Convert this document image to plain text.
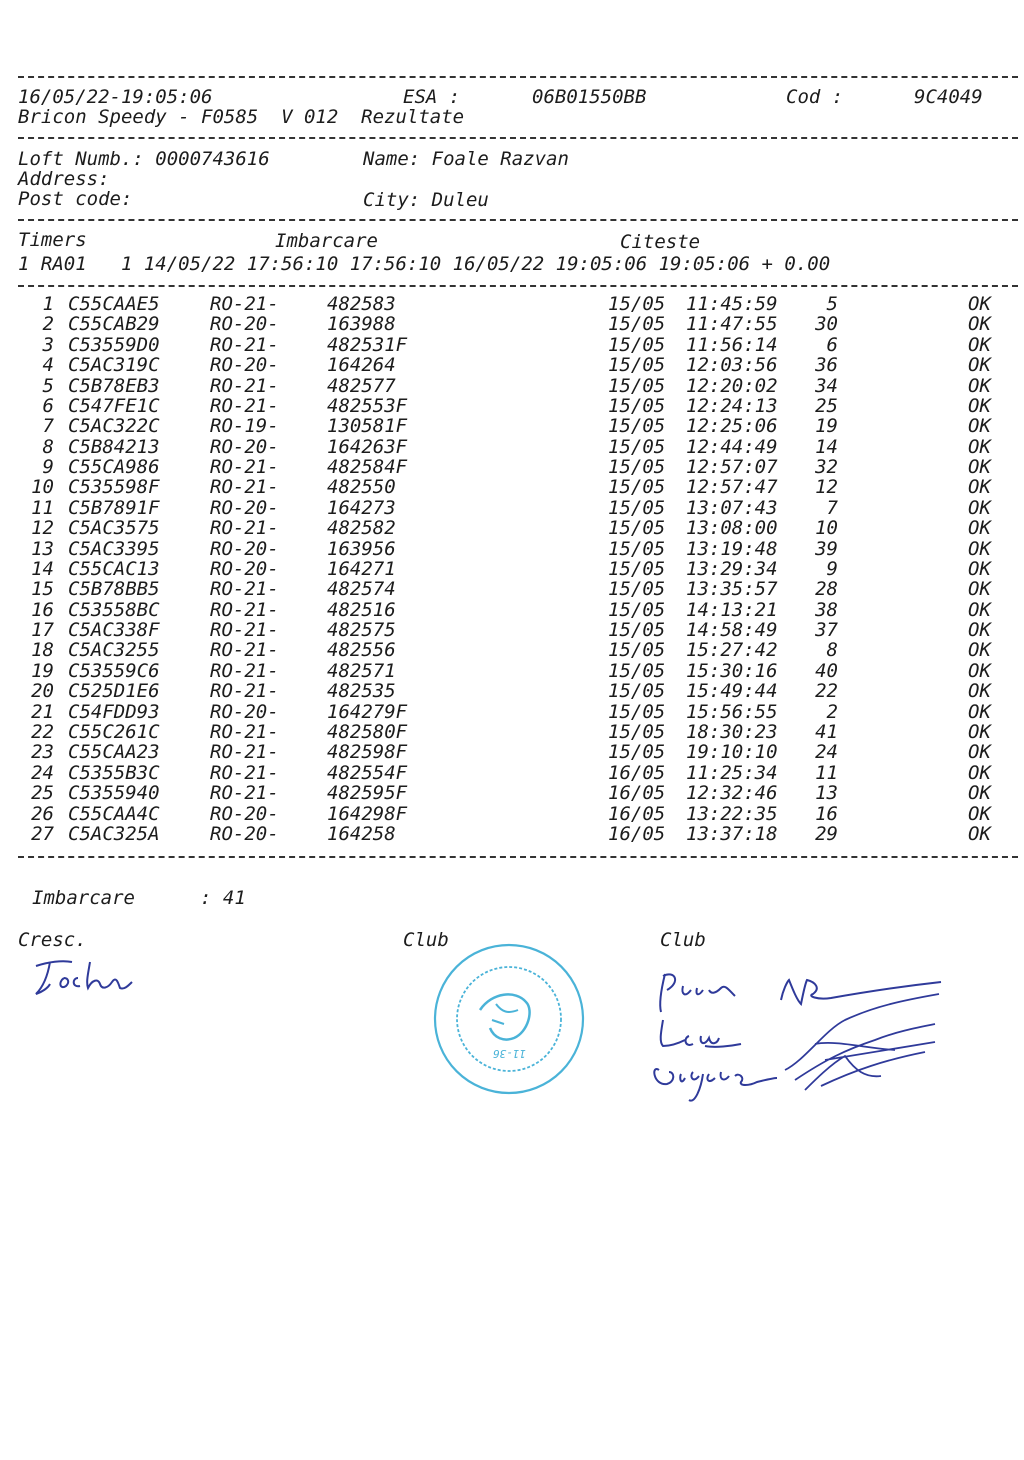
16/05/22-19:05:06	ESA :	06B01550BB	Cod :	9C4049
Bricon Speedy - F0585  V 012  Rezultate
Loft Numb.: 0000743616	Name: Foale Razvan
Address:
Post code:	City: Duleu
Timers	Imbarcare	Citeste
1 RA01   1 14/05/22 17:56:10 17:56:10 16/05/22 19:05:06 19:05:06 + 0.00
1 C55CAAE5	RO-21-	482583	15/05 11:45:59	5	OK
2 C55CAB29	RO-20-	163988	15/05 11:47:55	30	OK
3 C53559D0	RO-21-	482531F	15/05 11:56:14	6	OK
4 C5AC319C	RO-20-	164264	15/05 12:03:56	36	OK
5 C5B78EB3	RO-21-	482577	15/05 12:20:02	34	OK
6 C547FE1C	RO-21-	482553F	15/05 12:24:13	25	OK
7 C5AC322C	RO-19-	130581F	15/05 12:25:06	19	OK
8 C5B84213	RO-20-	164263F	15/05 12:44:49	14	OK
9 C55CA986	RO-21-	482584F	15/05 12:57:07	32	OK
10 C535598F	RO-21-	482550	15/05 12:57:47	12	OK
11 C5B7891F	RO-20-	164273	15/05 13:07:43	7	OK
12 C5AC3575	RO-21-	482582	15/05 13:08:00	10	OK
13 C5AC3395	RO-20-	163956	15/05 13:19:48	39	OK
14 C55CAC13	RO-20-	164271	15/05 13:29:34	9	OK
15 C5B78BB5	RO-21-	482574	15/05 13:35:57	28	OK
16 C53558BC	RO-21-	482516	15/05 14:13:21	38	OK
17 C5AC338F	RO-21-	482575	15/05 14:58:49	37	OK
18 C5AC3255	RO-21-	482556	15/05 15:27:42	8	OK
19 C53559C6	RO-21-	482571	15/05 15:30:16	40	OK
20 C525D1E6	RO-21-	482535	15/05 15:49:44	22	OK
21 C54FDD93	RO-20-	164279F	15/05 15:56:55	2	OK
22 C55C261C	RO-21-	482580F	15/05 18:30:23	41	OK
23 C55CAA23	RO-21-	482598F	15/05 19:10:10	24	OK
24 C5355B3C	RO-21-	482554F	16/05 11:25:34	11	OK
25 C5355940	RO-21-	482595F	16/05 12:32:46	13	OK
26 C55CAA4C	RO-20-	164298F	16/05 13:22:35	16	OK
27 C5AC325A	RO-20-	164258	16/05 13:37:18	29	OK
Imbarcare	: 41
Cresc.	Club	Club
11-36
